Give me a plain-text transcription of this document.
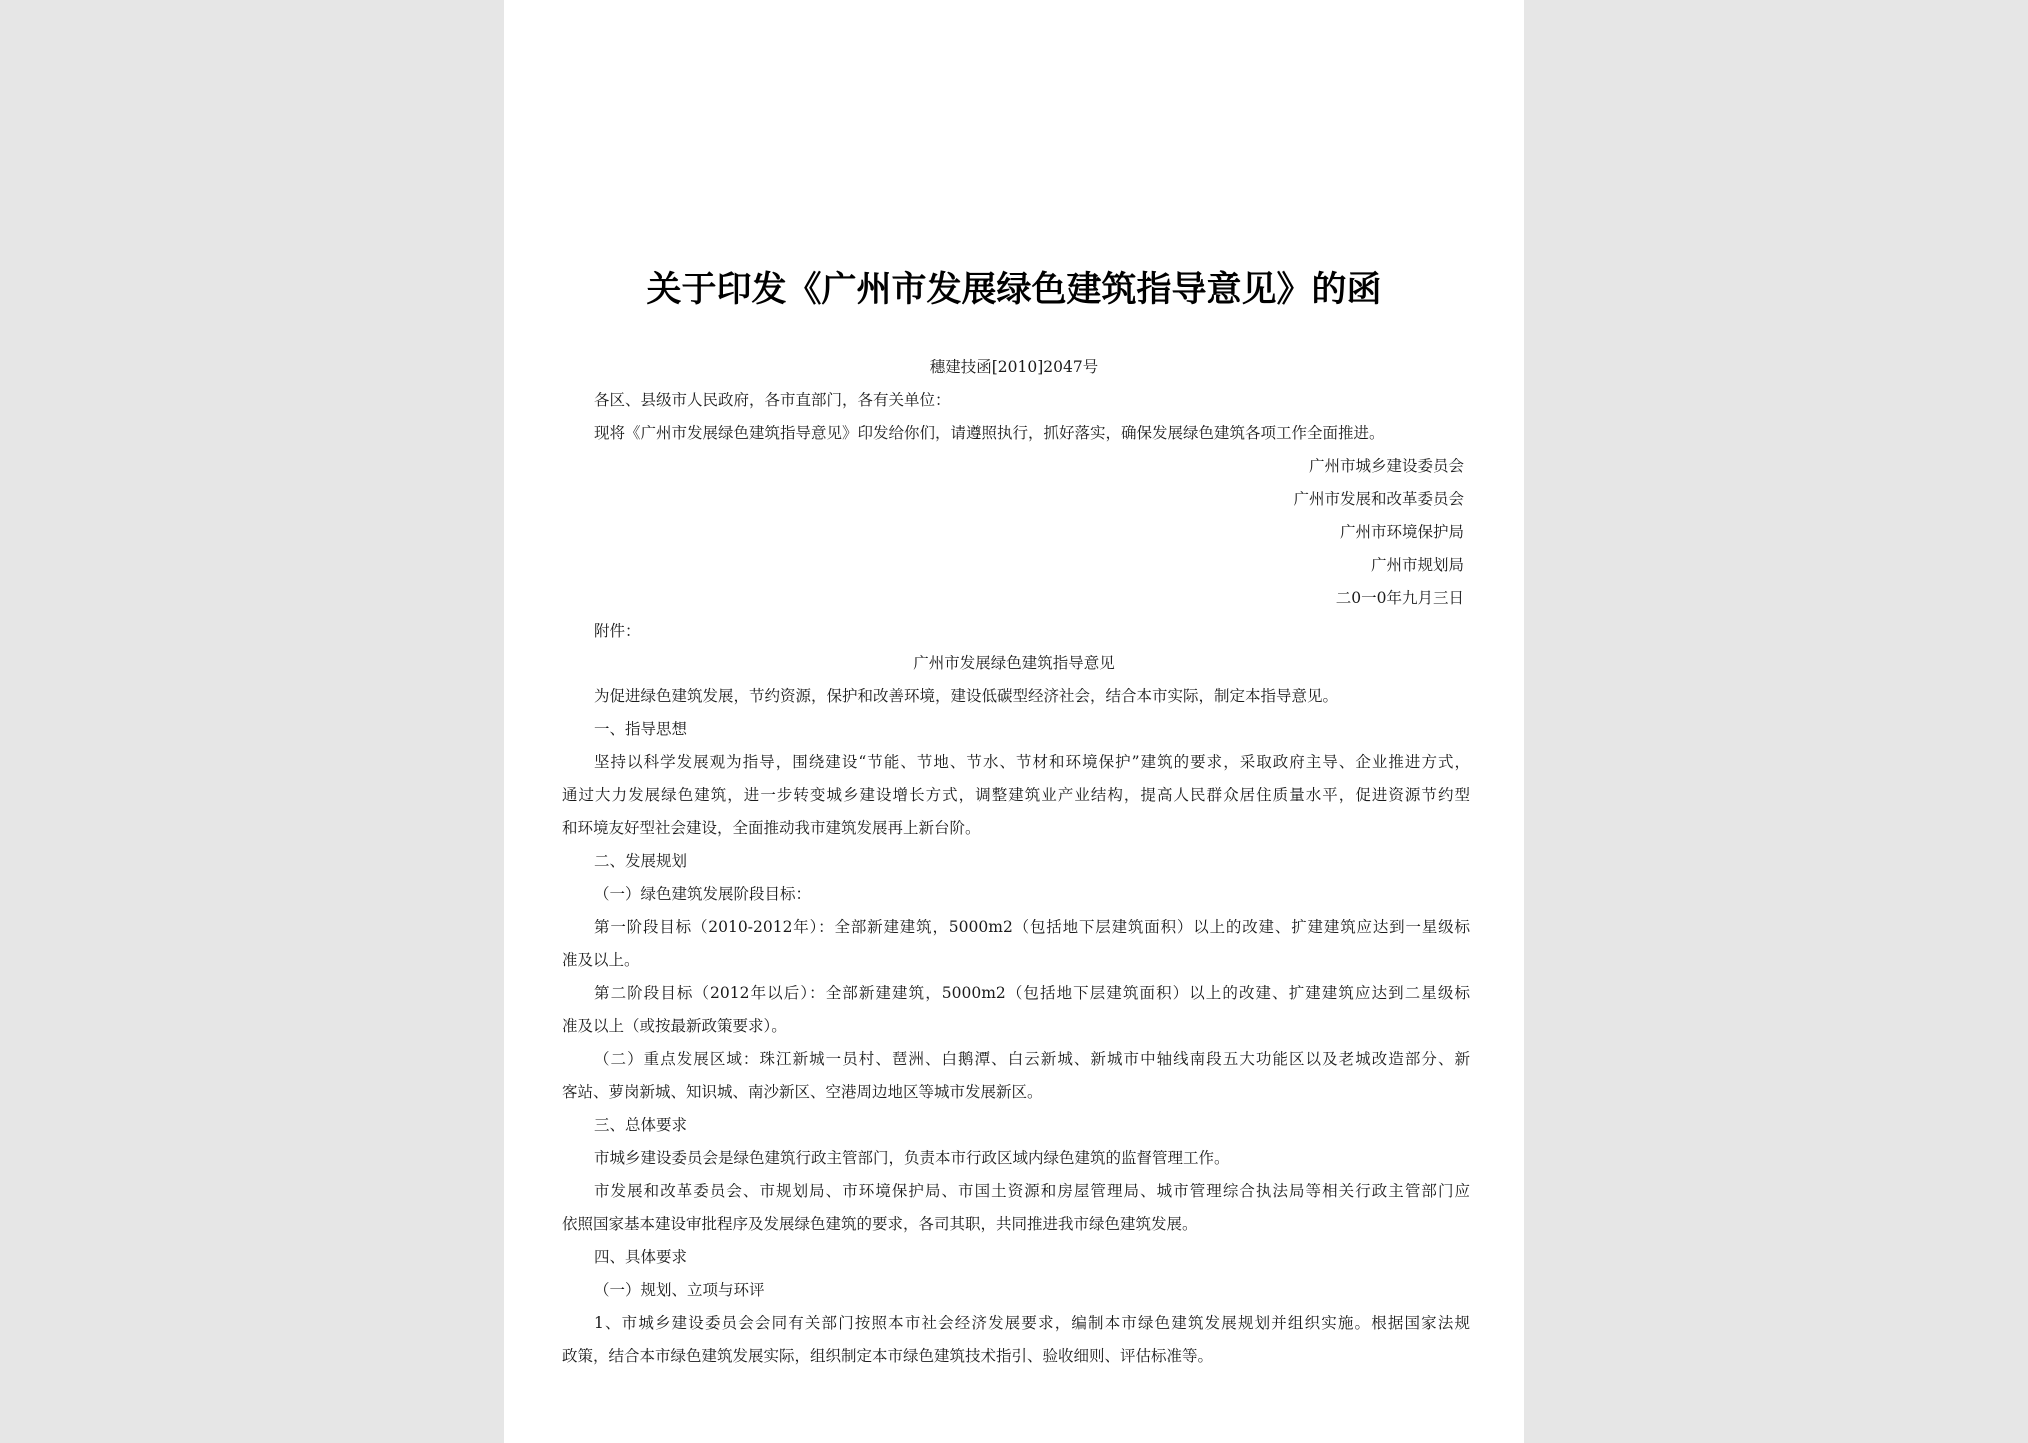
关于印发《广州市发展绿色建筑指导意见》的函
穗建技函[2010]2047号
各区、县级市人民政府，各市直部门，各有关单位：
现将《广州市发展绿色建筑指导意见》印发给你们，请遵照执行，抓好落实，确保发展绿色建筑各项工作全面推进。
广州市城乡建设委员会
广州市发展和改革委员会
广州市环境保护局
广州市规划局
二0一0年九月三日
附件：
广州市发展绿色建筑指导意见
为促进绿色建筑发展，节约资源，保护和改善环境，建设低碳型经济社会，结合本市实际，制定本指导意见。
一、指导思想
坚持以科学发展观为指导，围绕建设“节能、节地、节水、节材和环境保护”建筑的要求，采取政府主导、企业推进方式，
通过大力发展绿色建筑，进一步转变城乡建设增长方式，调整建筑业产业结构，提高人民群众居住质量水平，促进资源节约型
和环境友好型社会建设，全面推动我市建筑发展再上新台阶。
二、发展规划
（一）绿色建筑发展阶段目标：
第一阶段目标（2010-2012年）：全部新建建筑，5000m2（包括地下层建筑面积）以上的改建、扩建建筑应达到一星级标
准及以上。
第二阶段目标（2012年以后）：全部新建建筑，5000m2（包括地下层建筑面积）以上的改建、扩建建筑应达到二星级标
准及以上（或按最新政策要求）。
（二）重点发展区域：珠江新城一员村、琶洲、白鹅潭、白云新城、新城市中轴线南段五大功能区以及老城改造部分、新
客站、萝岗新城、知识城、南沙新区、空港周边地区等城市发展新区。
三、总体要求
市城乡建设委员会是绿色建筑行政主管部门，负责本市行政区域内绿色建筑的监督管理工作。
市发展和改革委员会、市规划局、市环境保护局、市国土资源和房屋管理局、城市管理综合执法局等相关行政主管部门应
依照国家基本建设审批程序及发展绿色建筑的要求，各司其职，共同推进我市绿色建筑发展。
四、具体要求
（一）规划、立项与环评
1、市城乡建设委员会会同有关部门按照本市社会经济发展要求，编制本市绿色建筑发展规划并组织实施。根据国家法规
政策，结合本市绿色建筑发展实际，组织制定本市绿色建筑技术指引、验收细则、评估标准等。
